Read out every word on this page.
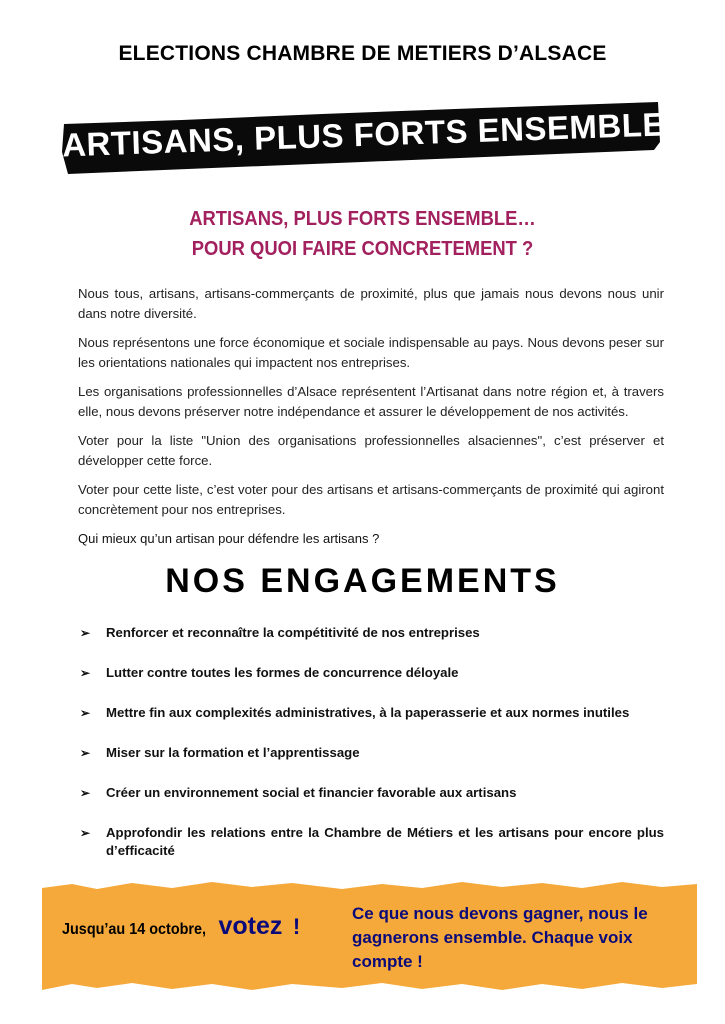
ELECTIONS CHAMBRE DE METIERS D’ALSACE
ARTISANS, PLUS FORTS ENSEMBLE
ARTISANS, PLUS FORTS ENSEMBLE…
POUR QUOI FAIRE CONCRETEMENT ?

Nous tous, artisans, artisans-commerçants de proximité, plus que jamais nous devons nous unir dans notre diversité.

Nous représentons une force économique et sociale indispensable au pays. Nous devons peser sur les orientations nationales qui impactent nos entreprises.

Les organisations professionnelles d’Alsace représentent l’Artisanat dans notre région et, à travers elle, nous devons préserver notre indépendance et assurer le développement de nos activités.

Voter pour la liste "Union des organisations professionnelles alsaciennes", c’est préserver et développer cette force.

Voter pour cette liste, c’est voter pour des artisans et artisans-commerçants de proximité qui agiront concrètement pour nos entreprises.

Qui mieux qu’un artisan pour défendre les artisans ?

NOS ENGAGEMENTS
➢ Renforcer et reconnaître la compétitivité de nos entreprises
➢ Lutter contre toutes les formes de concurrence déloyale
➢ Mettre fin aux complexités administratives, à la paperasserie et aux normes inutiles
➢ Miser sur la formation et l’apprentissage
➢ Créer un environnement social et financier favorable aux artisans
➢ Approfondir les relations entre la Chambre de Métiers et les artisans pour encore plus d’efficacité
Jusqu’au 14 octobre, votez !
Ce que nous devons gagner, nous le gagnerons ensemble. Chaque voix compte !
